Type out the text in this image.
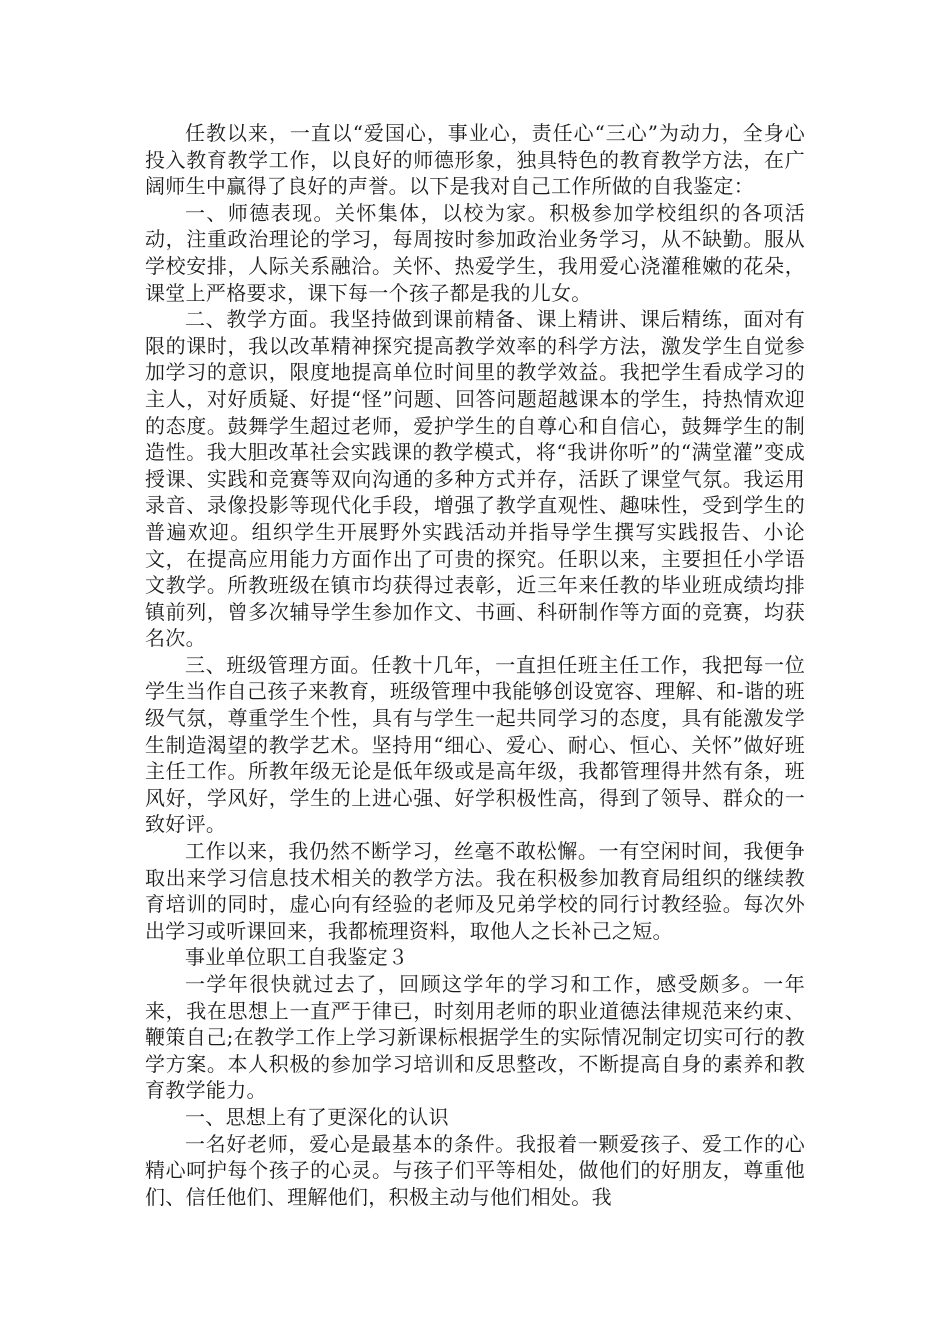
任教以来，一直以“爱国心，事业心，责任心“三心”为动力，全身心投入教育教学工作，以良好的师德形象，独具特色的教育教学方法，在广阔师生中赢得了良好的声誉。以下是我对自己工作所做的自我鉴定：

一、师德表现。关怀集体，以校为家。积极参加学校组织的各项活动，注重政治理论的学习，每周按时参加政治业务学习，从不缺勤。服从学校安排，人际关系融洽。关怀、热爱学生，我用爱心浇灌稚嫩的花朵，课堂上严格要求，课下每一个孩子都是我的儿女。

二、教学方面。我坚持做到课前精备、课上精讲、课后精练，面对有限的课时，我以改革精神探究提高教学效率的科学方法，激发学生自觉参加学习的意识，限度地提高单位时间里的教学效益。我把学生看成学习的主人，对好质疑、好提“怪”问题、回答问题超越课本的学生，持热情欢迎的态度。鼓舞学生超过老师，爱护学生的自尊心和自信心，鼓舞学生的制造性。我大胆改革社会实践课的教学模式，将“我讲你听”的“满堂灌”变成授课、实践和竞赛等双向沟通的多种方式并存，活跃了课堂气氛。我运用录音、录像投影等现代化手段，增强了教学直观性、趣味性，受到学生的普遍欢迎。组织学生开展野外实践活动并指导学生撰写实践报告、小论文，在提高应用能力方面作出了可贵的探究。任职以来，主要担任小学语文教学。所教班级在镇市均获得过表彰，近三年来任教的毕业班成绩均排镇前列，曾多次辅导学生参加作文、书画、科研制作等方面的竞赛，均获名次。

三、班级管理方面。任教十几年，一直担任班主任工作，我把每一位学生当作自己孩子来教育，班级管理中我能够创设宽容、理解、和-谐的班级气氛，尊重学生个性，具有与学生一起共同学习的态度，具有能激发学生制造渴望的教学艺术。坚持用“细心、爱心、耐心、恒心、关怀”做好班主任工作。所教年级无论是低年级或是高年级，我都管理得井然有条，班风好，学风好，学生的上进心强、好学积极性高，得到了领导、群众的一致好评。

工作以来，我仍然不断学习，丝毫不敢松懈。一有空闲时间，我便争取出来学习信息技术相关的教学方法。我在积极参加教育局组织的继续教育培训的同时，虚心向有经验的老师及兄弟学校的同行讨教经验。每次外出学习或听课回来，我都梳理资料，取他人之长补己之短。

事业单位职工自我鉴定３

一学年很快就过去了，回顾这学年的学习和工作，感受颇多。一年来，我在思想上一直严于律已，时刻用老师的职业道德法律规范来约束、鞭策自己;在教学工作上学习新课标根据学生的实际情况制定切实可行的教学方案。本人积极的参加学习培训和反思整改，不断提高自身的素养和教育教学能力。

一、思想上有了更深化的认识

一名好老师，爱心是最基本的条件。我报着一颗爱孩子、爱工作的心精心呵护每个孩子的心灵。与孩子们平等相处，做他们的好朋友，尊重他们、信任他们、理解他们，积极主动与他们相处。我
